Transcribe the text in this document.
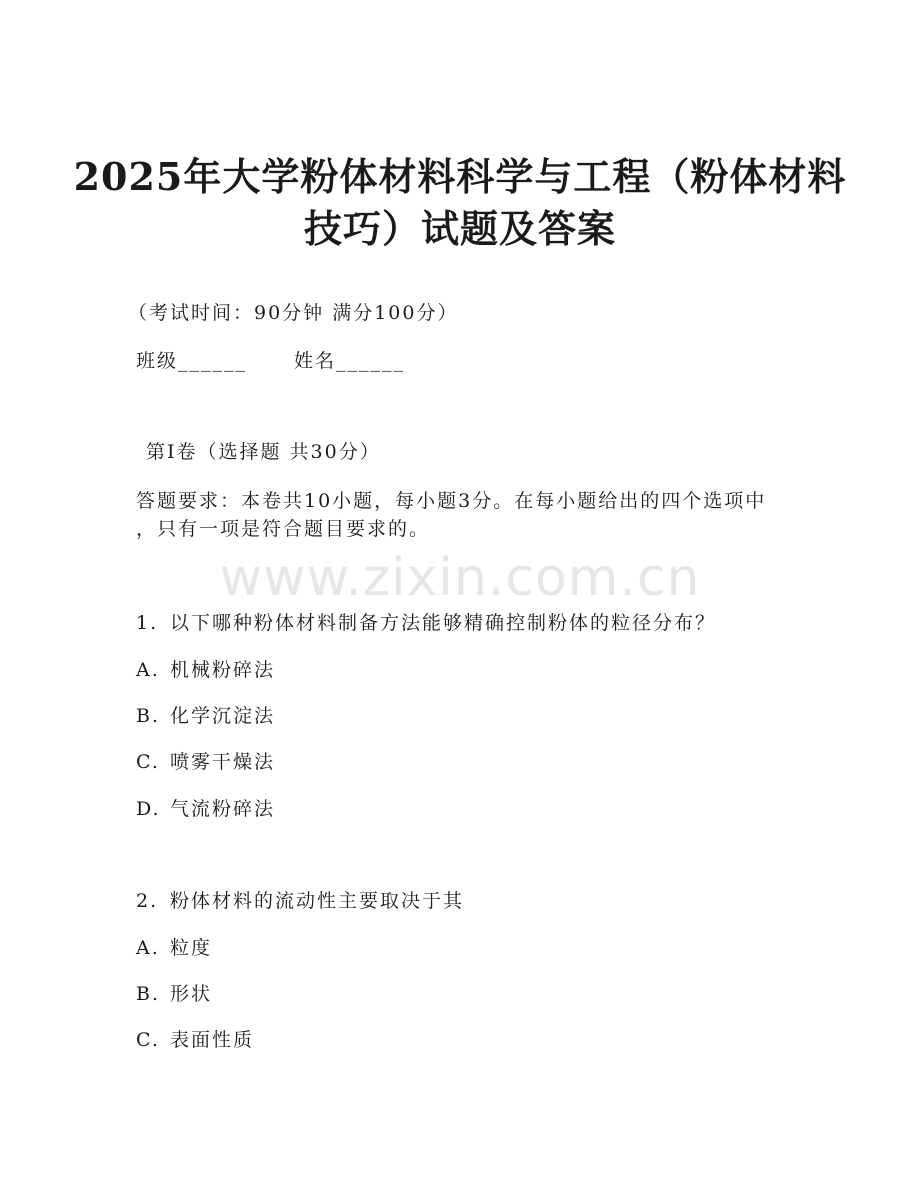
2025年大学粉体材料科学与工程（粉体材料
技巧）试题及答案
（考试时间：90分钟 满分100分）
班级______ 姓名______
第I卷（选择题 共30分）
答题要求：本卷共10小题，每小题3分。在每小题给出的四个选项中
，只有一项是符合题目要求的。
www.zixin.com.cn
1. 以下哪种粉体材料制备方法能够精确控制粉体的粒径分布？
A. 机械粉碎法
B. 化学沉淀法
C. 喷雾干燥法
D. 气流粉碎法
2. 粉体材料的流动性主要取决于其
A. 粒度
B. 形状
C. 表面性质
